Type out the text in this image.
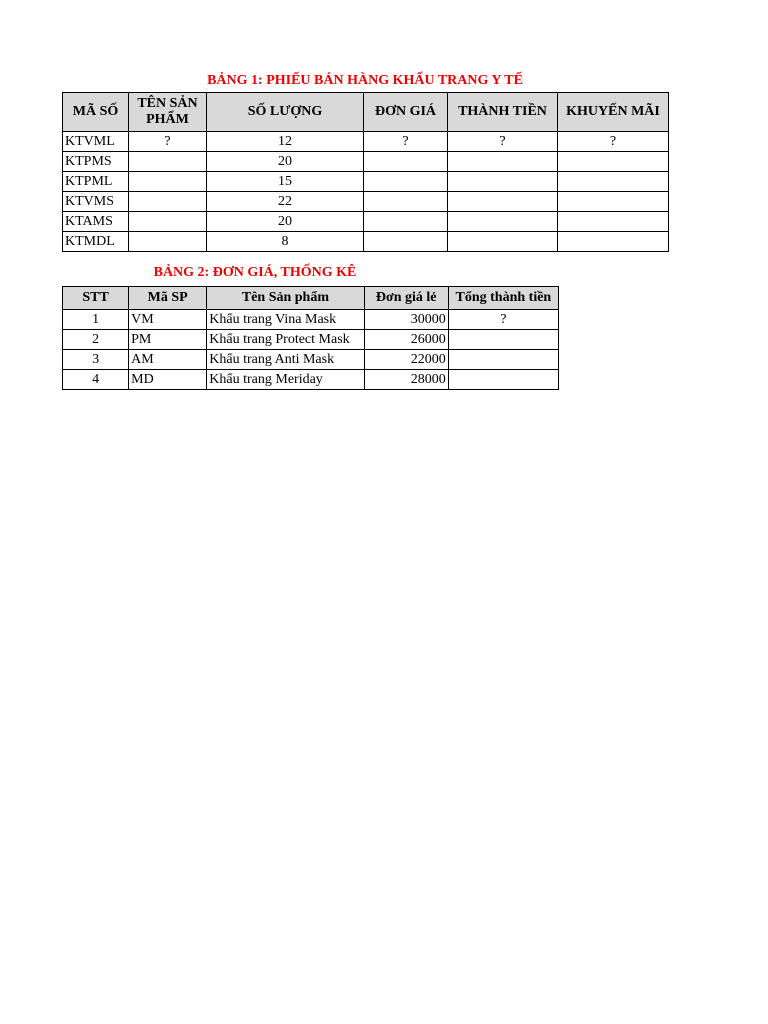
BẢNG 1: PHIẾU BÁN HÀNG KHẨU TRANG Y TẾ
MÃ SỐ	TÊN SẢN PHẨM	SỐ LƯỢNG	ĐƠN GIÁ	THÀNH TIỀN	KHUYẾN MÃI
KTVML	?	12	?	?	?
KTPMS		20			
KTPML		15			
KTVMS		22			
KTAMS		20			
KTMDL		8			
BẢNG 2: ĐƠN GIÁ, THỐNG KÊ
STT	Mã SP	Tên Sản phẩm	Đơn giá lẻ	Tổng thành tiền
1	VM	Khẩu trang Vina Mask	30000	?
2	PM	Khẩu trang Protect Mask	26000	
3	AM	Khẩu trang Anti Mask	22000	
4	MD	Khẩu trang Meriday	28000	
